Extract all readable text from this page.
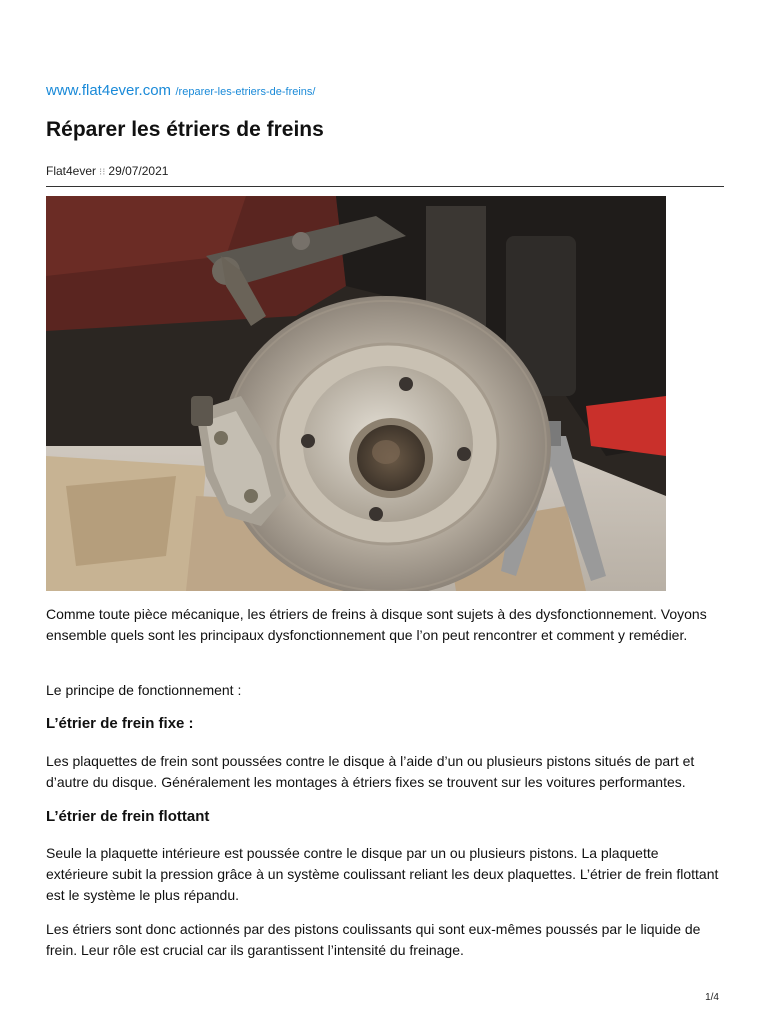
www.flat4ever.com /reparer-les-etriers-de-freins/
Réparer les étriers de freins
Flat4ever ⁝⁝ 29/07/2021

Comme toute pièce mécanique, les étriers de freins à disque sont sujets à des dysfonctionnement. Voyons ensemble quels sont les principaux dysfonctionnement que l’on peut rencontrer et comment y remédier.

Le principe de fonctionnement :

L’étrier de frein fixe :

Les plaquettes de frein sont poussées contre le disque à l’aide d’un ou plusieurs pistons situés de part et d’autre du disque. Généralement les montages à étriers fixes se trouvent sur les voitures performantes.

L’étrier de frein flottant

Seule la plaquette intérieure est poussée contre le disque par un ou plusieurs pistons. La plaquette extérieure subit la pression grâce à un système coulissant reliant les deux plaquettes. L’étrier de frein flottant est le système le plus répandu.

Les étriers sont donc actionnés par des pistons coulissants qui sont eux-mêmes poussés par le liquide de frein. Leur rôle est crucial car ils garantissent l’intensité du freinage.

1/4
